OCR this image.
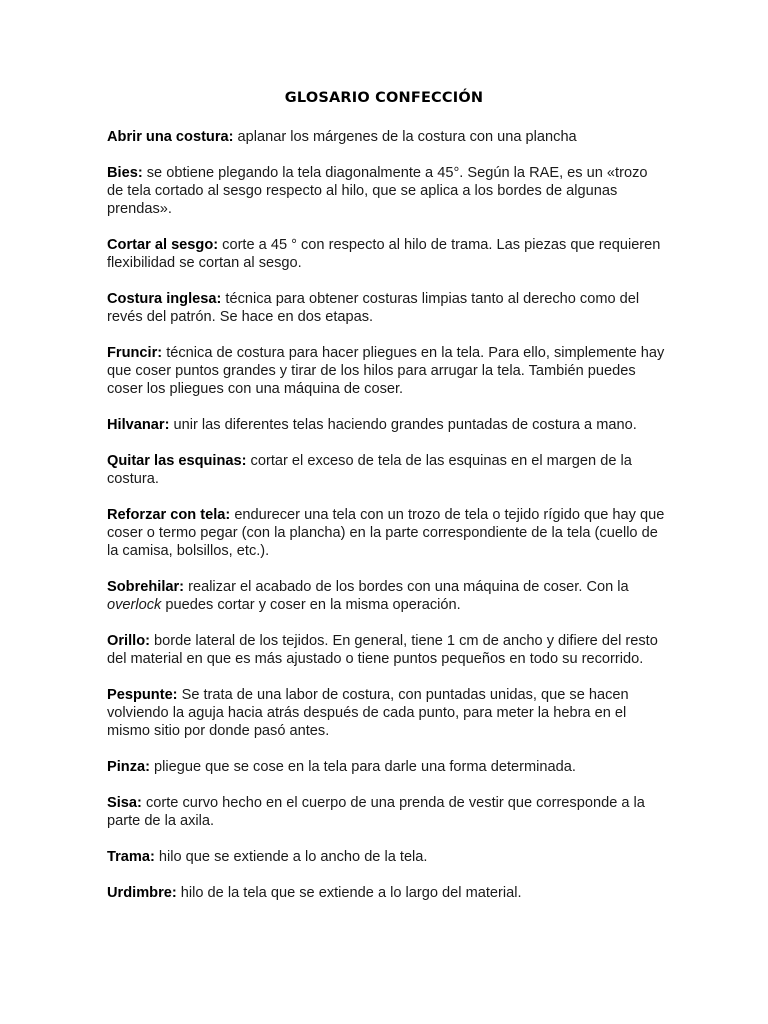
GLOSARIO CONFECCIÓN

Abrir una costura: aplanar los márgenes de la costura con una plancha

Bies: se obtiene plegando la tela diagonalmente a 45°. Según la RAE, es un «trozo de tela cortado al sesgo respecto al hilo, que se aplica a los bordes de algunas prendas».

Cortar al sesgo: corte a 45 ° con respecto al hilo de trama. Las piezas que requieren flexibilidad se cortan al sesgo.

Costura inglesa: técnica para obtener costuras limpias tanto al derecho como del revés del patrón. Se hace en dos etapas.

Fruncir: técnica de costura para hacer pliegues en la tela. Para ello, simplemente hay que coser puntos grandes y tirar de los hilos para arrugar la tela. También puedes coser los pliegues con una máquina de coser.

Hilvanar: unir las diferentes telas haciendo grandes puntadas de costura a mano.

Quitar las esquinas: cortar el exceso de tela de las esquinas en el margen de la costura.

Reforzar con tela: endurecer una tela con un trozo de tela o tejido rígido que hay que coser o termo pegar (con la plancha) en la parte correspondiente de la tela (cuello de la camisa, bolsillos, etc.).

Sobrehilar: realizar el acabado de los bordes con una máquina de coser. Con la overlock puedes cortar y coser en la misma operación.

Orillo: borde lateral de los tejidos. En general, tiene 1 cm de ancho y difiere del resto del material en que es más ajustado o tiene puntos pequeños en todo su recorrido.

Pespunte: Se trata de una labor de costura, con puntadas unidas, que se hacen volviendo la aguja hacia atrás después de cada punto, para meter la hebra en el mismo sitio por donde pasó antes.

Pinza: pliegue que se cose en la tela para darle una forma determinada.

Sisa: corte curvo hecho en el cuerpo de una prenda de vestir que corresponde a la parte de la axila.

Trama: hilo que se extiende a lo ancho de la tela.

Urdimbre: hilo de la tela que se extiende a lo largo del material.
